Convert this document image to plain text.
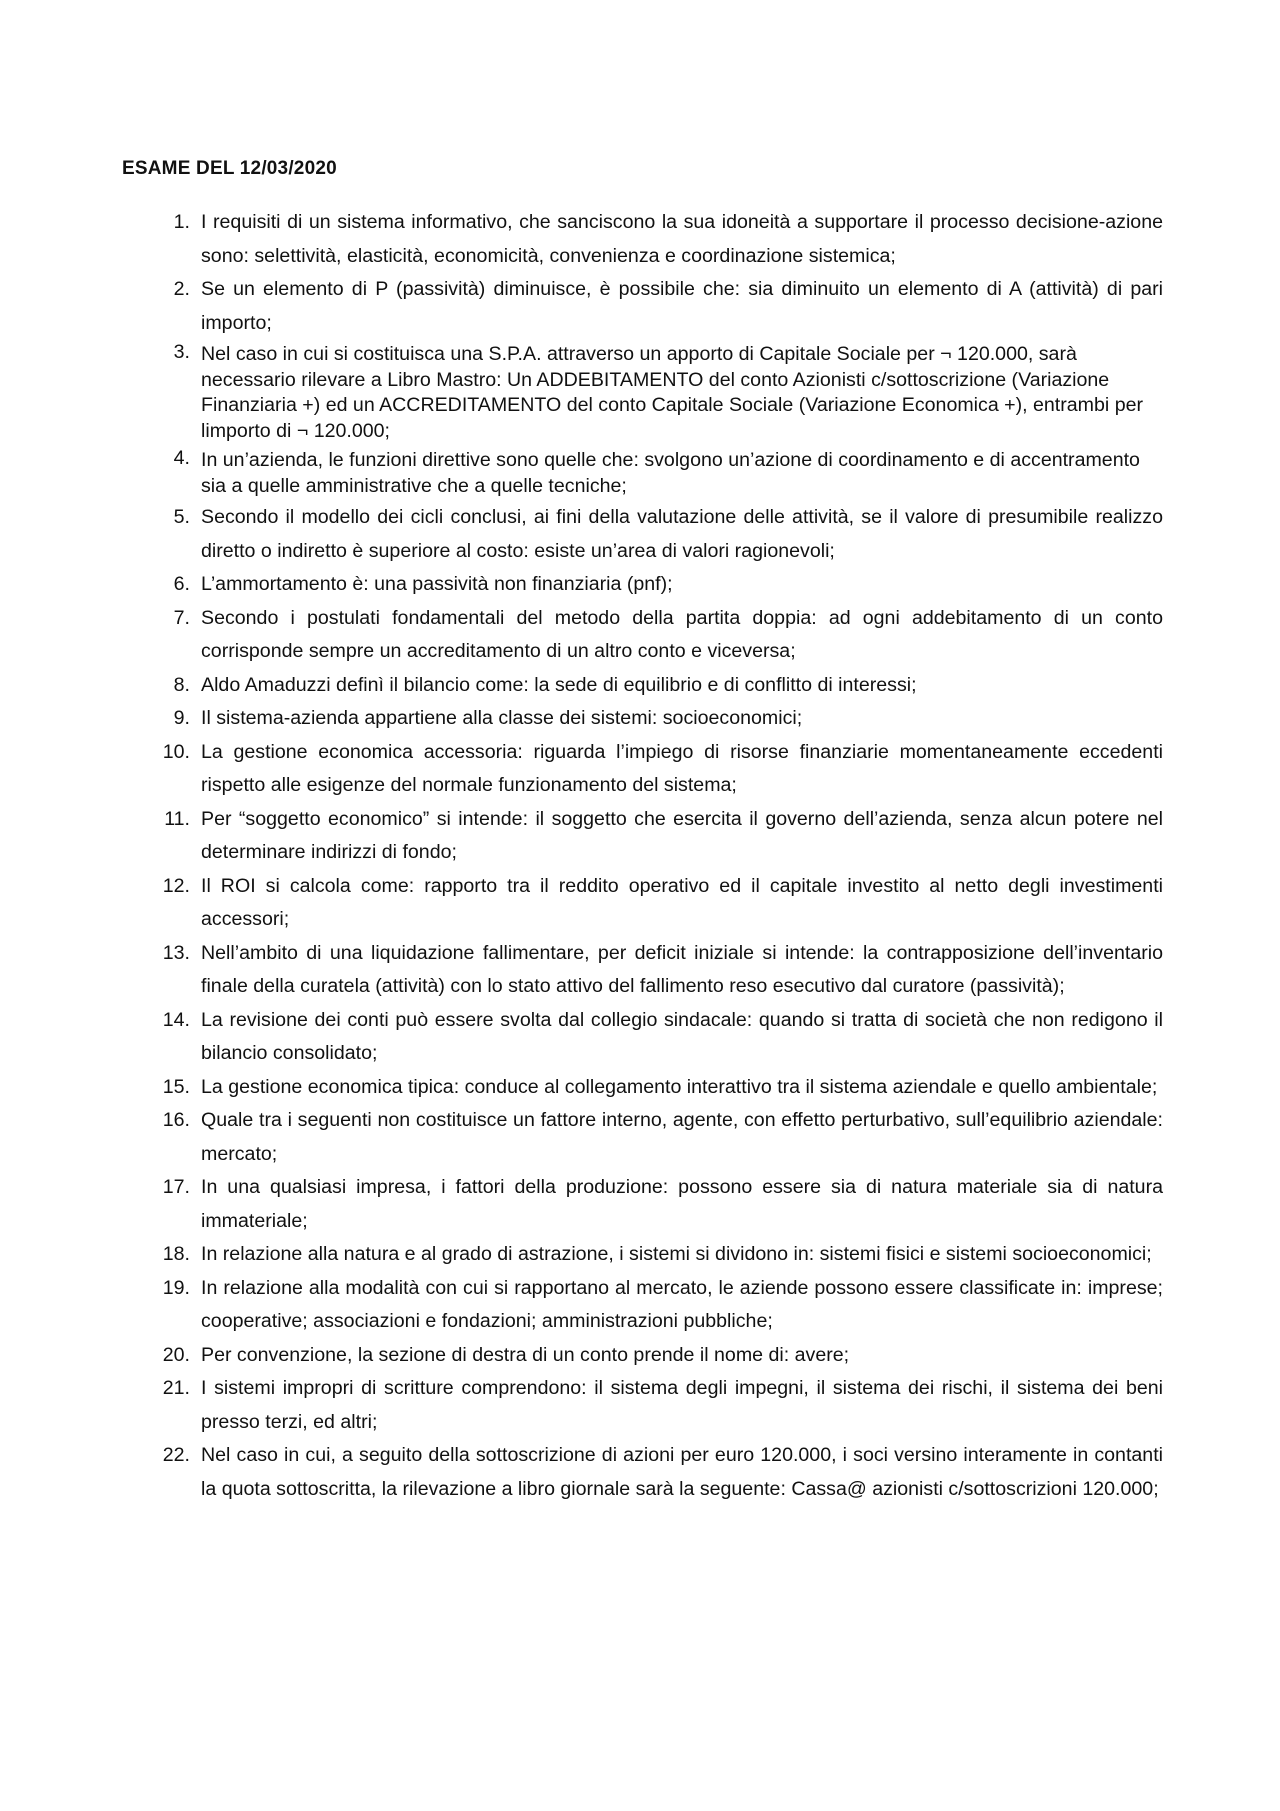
ESAME DEL 12/03/2020
1. I requisiti di un sistema informativo, che sanciscono la sua idoneità a supportare il processo decisione-azione sono: selettività, elasticità, economicità, convenienza e coordinazione sistemica;
2. Se un elemento di P (passività) diminuisce, è possibile che: sia diminuito un elemento di A (attività) di pari importo;
3. Nel caso in cui si costituisca una S.P.A. attraverso un apporto di Capitale Sociale per ¬ 120.000, sarà necessario rilevare a Libro Mastro: Un ADDEBITAMENTO del conto Azionisti c/sottoscrizione (Variazione Finanziaria +) ed un ACCREDITAMENTO del conto Capitale Sociale (Variazione Economica +), entrambi per limporto di ¬ 120.000;
4. In un’azienda, le funzioni direttive sono quelle che: svolgono un’azione di coordinamento e di accentramento sia a quelle amministrative che a quelle tecniche;
5. Secondo il modello dei cicli conclusi, ai fini della valutazione delle attività, se il valore di presumibile realizzo diretto o indiretto è superiore al costo: esiste un’area di valori ragionevoli;
6. L’ammortamento è: una passività non finanziaria (pnf);
7. Secondo i postulati fondamentali del metodo della partita doppia: ad ogni addebitamento di un conto corrisponde sempre un accreditamento di un altro conto e viceversa;
8. Aldo Amaduzzi definì il bilancio come: la sede di equilibrio e di conflitto di interessi;
9. Il sistema-azienda appartiene alla classe dei sistemi: socioeconomici;
10. La gestione economica accessoria: riguarda l’impiego di risorse finanziarie momentaneamente eccedenti rispetto alle esigenze del normale funzionamento del sistema;
11. Per “soggetto economico” si intende: il soggetto che esercita il governo dell’azienda, senza alcun potere nel determinare indirizzi di fondo;
12. Il ROI si calcola come: rapporto tra il reddito operativo ed il capitale investito al netto degli investimenti accessori;
13. Nell’ambito di una liquidazione fallimentare, per deficit iniziale si intende: la contrapposizione dell’inventario finale della curatela (attività) con lo stato attivo del fallimento reso esecutivo dal curatore (passività);
14. La revisione dei conti può essere svolta dal collegio sindacale: quando si tratta di società che non redigono il bilancio consolidato;
15. La gestione economica tipica: conduce al collegamento interattivo tra il sistema aziendale e quello ambientale;
16. Quale tra i seguenti non costituisce un fattore interno, agente, con effetto perturbativo, sull’equilibrio aziendale: mercato;
17. In una qualsiasi impresa, i fattori della produzione: possono essere sia di natura materiale sia di natura immateriale;
18. In relazione alla natura e al grado di astrazione, i sistemi si dividono in: sistemi fisici e sistemi socioeconomici;
19. In relazione alla modalità con cui si rapportano al mercato, le aziende possono essere classificate in: imprese; cooperative; associazioni e fondazioni; amministrazioni pubbliche;
20. Per convenzione, la sezione di destra di un conto prende il nome di: avere;
21. I sistemi impropri di scritture comprendono: il sistema degli impegni, il sistema dei rischi, il sistema dei beni presso terzi, ed altri;
22. Nel caso in cui, a seguito della sottoscrizione di azioni per euro 120.000, i soci versino interamente in contanti la quota sottoscritta, la rilevazione a libro giornale sarà la seguente: Cassa@ azionisti c/sottoscrizioni 120.000;
